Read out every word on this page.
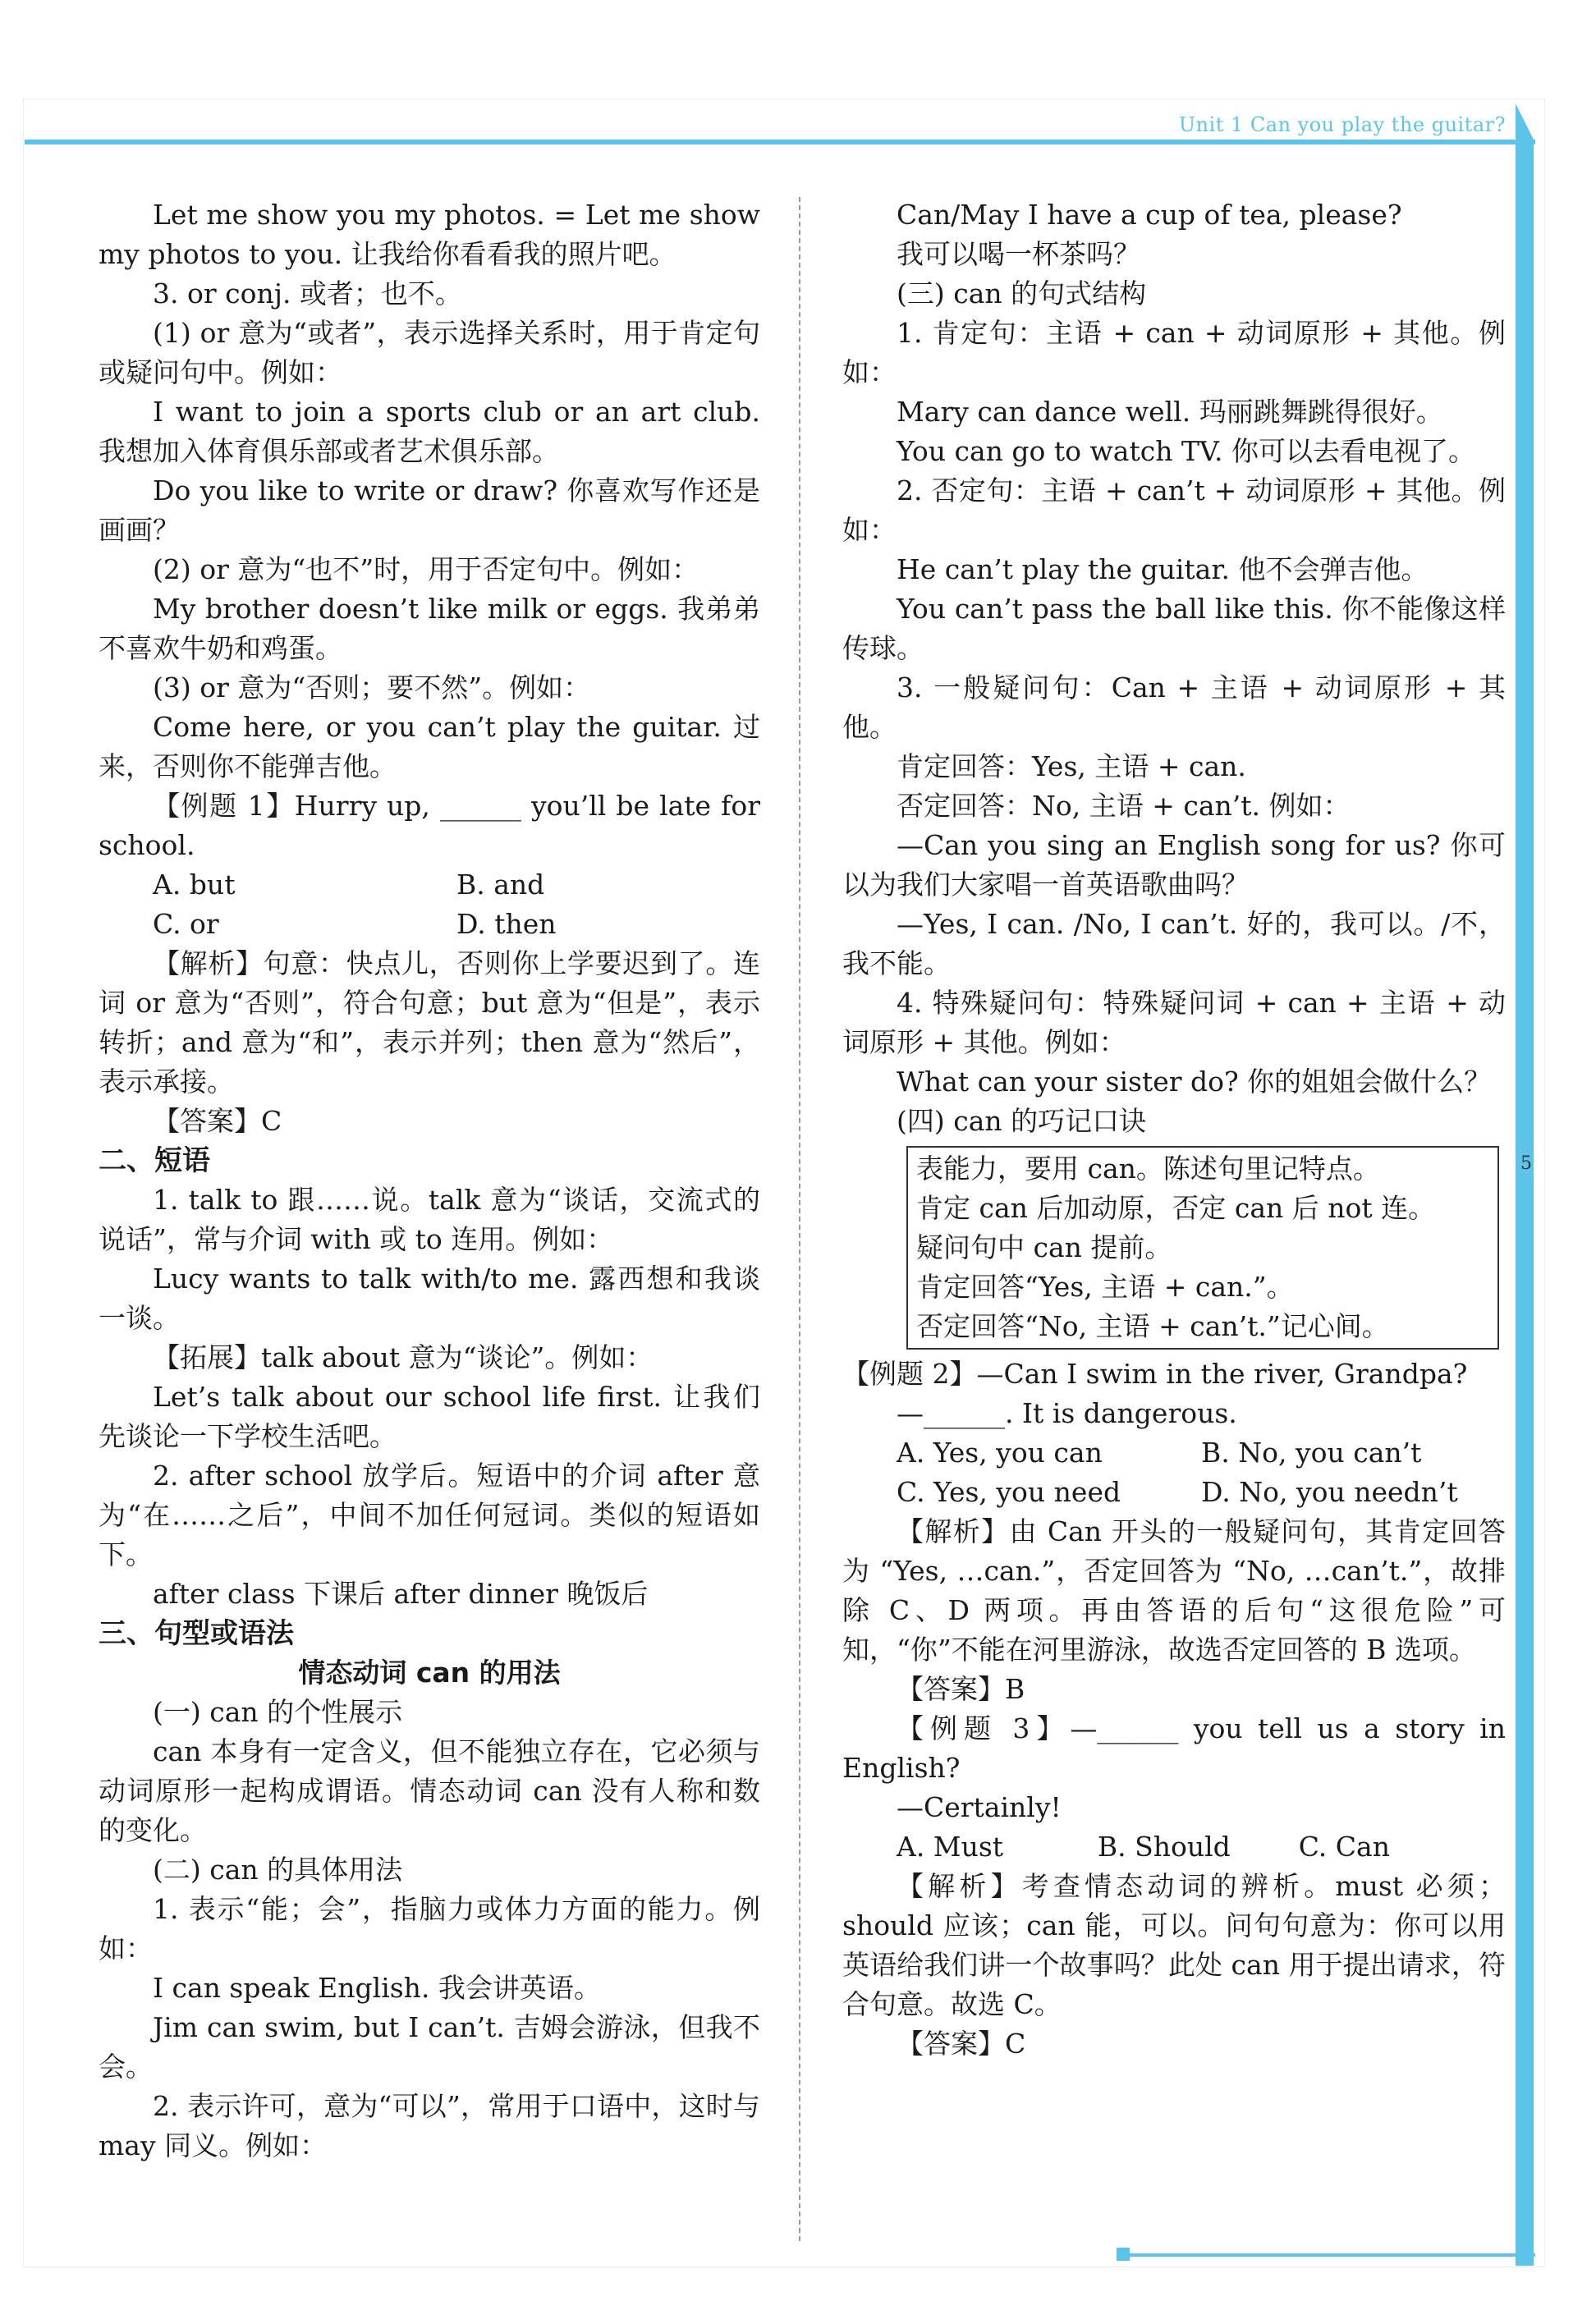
Unit 1 Can you play the guitar?
5

Let me show you my photos. = Let me show my photos to you. 让我给你看看我的照片吧。

3. or conj. 或者；也不。

(1) or 意为“或者”，表示选择关系时，用于肯定句或疑问句中。例如：

I want to join a sports club or an art club. 我想加入体育俱乐部或者艺术俱乐部。

Do you like to write or draw? 你喜欢写作还是画画？

(2) or 意为“也不”时，用于否定句中。例如：

My brother doesn’t like milk or eggs. 我弟弟不喜欢牛奶和鸡蛋。

(3) or 意为“否则；要不然”。例如：

Come here, or you can’t play the guitar. 过来，否则你不能弹吉他。

【例题 1】Hurry up, ______ you’ll be late for school.

A. but	B. and
C. or	D. then

【解析】句意：快点儿，否则你上学要迟到了。连词 or 意为“否则”，符合句意；but 意为“但是”，表示转折；and 意为“和”，表示并列；then 意为“然后”，表示承接。

【答案】C

二、短语

1. talk to 跟……说。talk 意为“谈话，交流式的说话”，常与介词 with 或 to 连用。例如：

Lucy wants to talk with/to me. 露西想和我谈一谈。

【拓展】talk about 意为“谈论”。例如：

Let’s talk about our school life first. 让我们先谈论一下学校生活吧。

2. after school 放学后。短语中的介词 after 意为“在……之后”，中间不加任何冠词。类似的短语如下。

after class 下课后 after dinner 晚饭后

三、句型或语法

情态动词 can 的用法

(一) can 的个性展示

can 本身有一定含义，但不能独立存在，它必须与动词原形一起构成谓语。情态动词 can 没有人称和数的变化。

(二) can 的具体用法

1. 表示“能；会”，指脑力或体力方面的能力。例如：

I can speak English. 我会讲英语。

Jim can swim, but I can’t. 吉姆会游泳，但我不会。

2. 表示许可，意为“可以”，常用于口语中，这时与 may 同义。例如：

Can/May I have a cup of tea, please?

我可以喝一杯茶吗？

(三) can 的句式结构

1. 肯定句：主语 + can + 动词原形 + 其他。例如：

Mary can dance well. 玛丽跳舞跳得很好。

You can go to watch TV. 你可以去看电视了。

2. 否定句：主语 + can’t + 动词原形 + 其他。例如：

He can’t play the guitar. 他不会弹吉他。

You can’t pass the ball like this. 你不能像这样传球。

3. 一般疑问句：Can + 主语 + 动词原形 + 其他。

肯定回答：Yes, 主语 + can.

否定回答：No, 主语 + can’t. 例如：

—Can you sing an English song for us? 你可以为我们大家唱一首英语歌曲吗？

—Yes, I can. /No, I can’t. 好的，我可以。/不，我不能。

4. 特殊疑问句：特殊疑问词 + can + 主语 + 动词原形 + 其他。例如：

What can your sister do? 你的姐姐会做什么？

(四) can 的巧记口诀

表能力，要用 can。陈述句里记特点。

肯定 can 后加动原，否定 can 后 not 连。

疑问句中 can 提前。

肯定回答“Yes, 主语 + can.”。

否定回答“No, 主语 + can’t.”记心间。

【例题 2】—Can I swim in the river, Grandpa?

—______. It is dangerous.

A. Yes, you can	B. No, you can’t
C. Yes, you need	D. No, you needn’t

【解析】由 Can 开头的一般疑问句，其肯定回答为 “Yes, …can.”，否定回答为 “No, …can’t.”，故排除 C、D 两项。再由答语的后句“这很危险”可知，“你”不能在河里游泳，故选否定回答的 B 选项。

【答案】B

【例题 3】—______ you tell us a story in English?

—Certainly!

A. Must	B. Should	C. Can

【解析】考查情态动词的辨析。must 必须；should 应该；can 能，可以。问句句意为：你可以用英语给我们讲一个故事吗？此处 can 用于提出请求，符合句意。故选 C。

【答案】C
